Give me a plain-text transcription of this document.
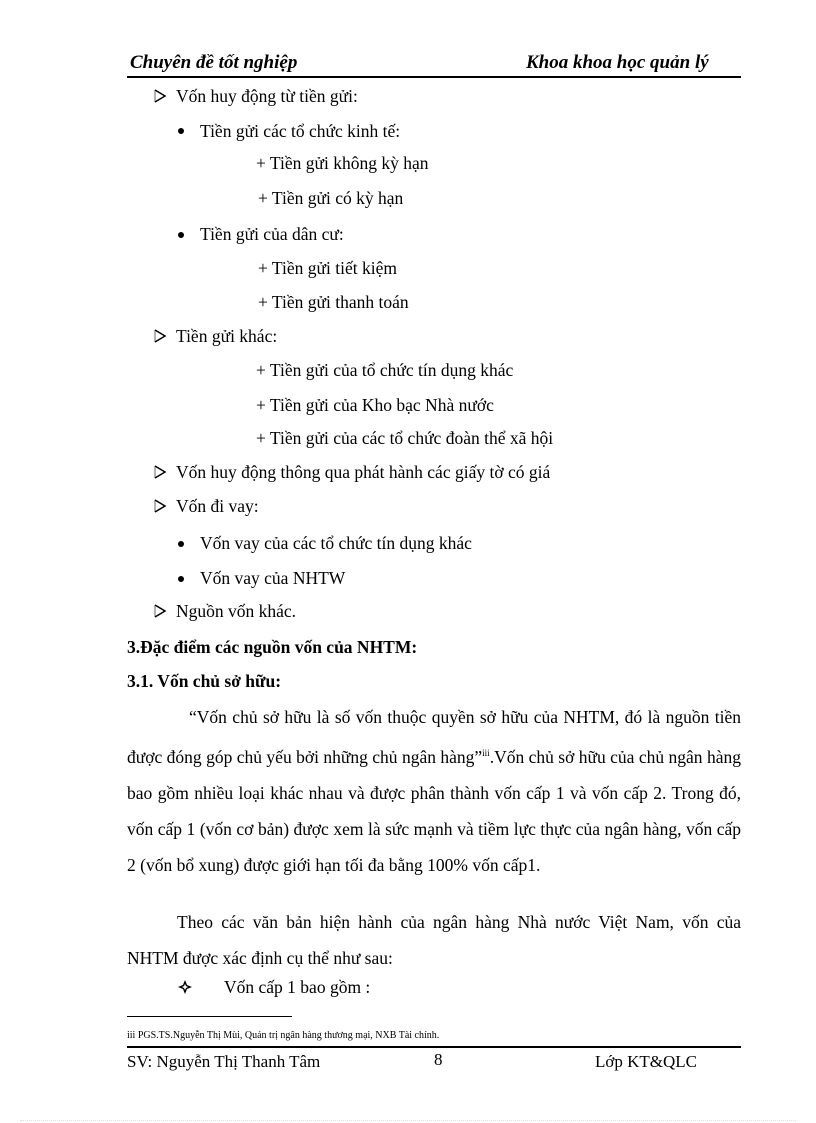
Chuyên đề tốt nghiệp	Khoa khoa học quản lý
Vốn huy động từ tiền gửi:
Tiền gửi các tổ chức kinh tế:
+ Tiền gửi không kỳ hạn
+ Tiền gửi có kỳ hạn
Tiền gửi của dân cư:
+ Tiền gửi tiết kiệm
+ Tiền gửi thanh toán
Tiền gửi khác:
+ Tiền gửi của tổ chức tín dụng khác
+ Tiền gửi của Kho bạc Nhà nước
+ Tiền gửi của các tổ chức đoàn thể xã hội
Vốn huy động thông qua phát hành các giấy tờ có giá
Vốn đi vay:
Vốn vay của các tổ chức tín dụng khác
Vốn vay của NHTW
Nguồn vốn khác.
3.Đặc điểm các nguồn vốn của NHTM:
3.1. Vốn chủ sở hữu:
“Vốn chủ sở hữu là số vốn thuộc quyền sở hữu của NHTM, đó là nguồn tiền được đóng góp chủ yếu bởi những chủ ngân hàng”$^{iii}$.Vốn chủ sở hữu của chủ ngân hàng bao gồm nhiều loại khác nhau và được phân thành vốn cấp 1 và vốn cấp 2. Trong đó, vốn cấp 1 (vốn cơ bản) được xem là sức mạnh và tiềm lực thực của ngân hàng, vốn cấp 2 (vốn bổ xung) được giới hạn tối đa bằng 100% vốn cấp1.
Theo các văn bản hiện hành của ngân hàng Nhà nước Việt Nam, vốn của NHTM được xác định cụ thể như sau:
Vốn cấp 1 bao gồm :
iii PGS.TS.Nguyễn Thị Mùi, Quản trị ngân hàng thương mại, NXB Tài chính.
SV: Nguyễn Thị Thanh Tâm	8	Lớp KT&QLC
